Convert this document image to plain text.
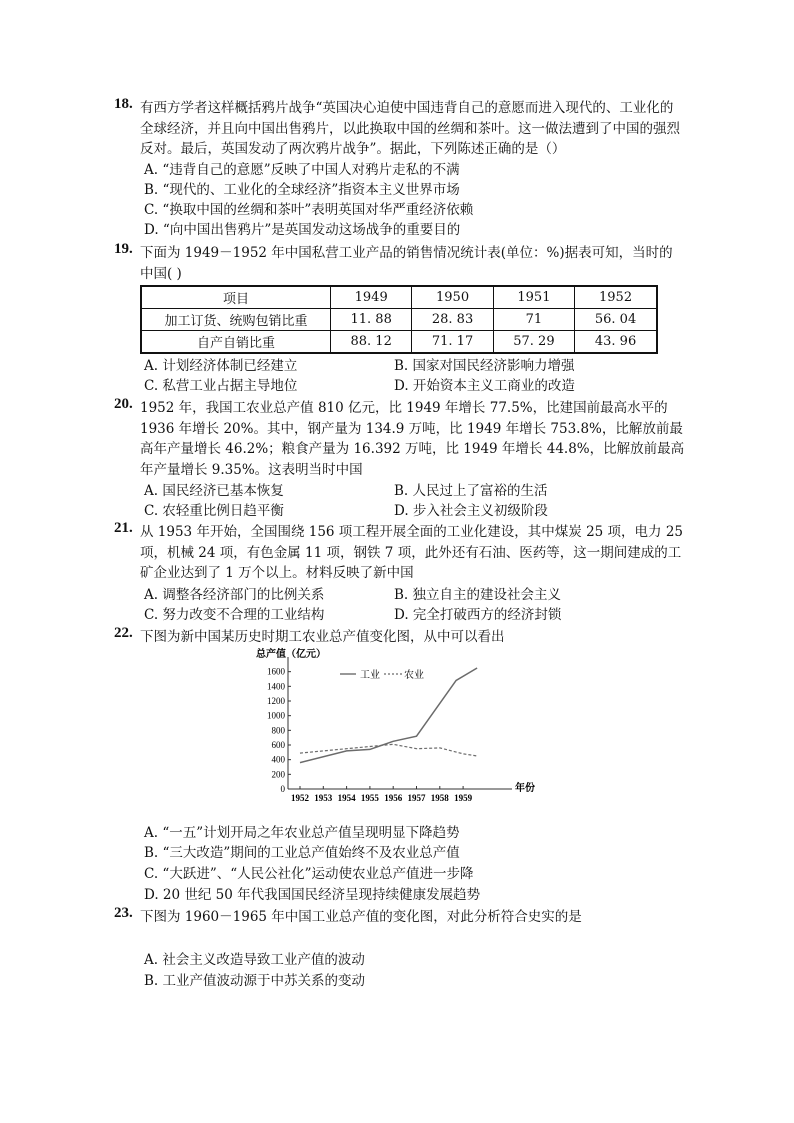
18. 有西方学者这样概括鸦片战争“英国决心迫使中国违背自己的意愿而进入现代的、工业化的全球经济，并且向中国出售鸦片，以此换取中国的丝绸和茶叶。这一做法遭到了中国的强烈反对。最后，英国发动了两次鸦片战争”。据此，下列陈述正确的是（）
A. “违背自己的意愿”反映了中国人对鸦片走私的不满
B. “现代的、工业化的全球经济”指资本主义世界市场
C. “换取中国的丝绸和茶叶”表明英国对华严重经济依赖
D. “向中国出售鸦片”是英国发动这场战争的重要目的
19. 下面为 1949－1952 年中国私营工业产品的销售情况统计表(单位：%)据表可知，当时的中国( )
项目	1949	1950	1951	1952
加工订货、统购包销比重	11. 88	28. 83	71	56. 04
自产自销比重	88. 12	71. 17	57. 29	43. 96
A. 计划经济体制已经建立	B. 国家对国民经济影响力增强
C. 私营工业占据主导地位	D. 开始资本主义工商业的改造
20. 1952 年，我国工农业总产值 810 亿元，比 1949 年增长 77.5%，比建国前最高水平的 1936 年增长 20%。其中，钢产量为 134.9 万吨，比 1949 年增长 753.8%，比解放前最高年产量增长 46.2%；粮食产量为 16.392 万吨，比 1949 年增长 44.8%，比解放前最高年产量增长 9.35%。这表明当时中国
A. 国民经济已基本恢复	B. 人民过上了富裕的生活
C. 农轻重比例日趋平衡	D. 步入社会主义初级阶段
21. 从 1953 年开始，全国围绕 156 项工程开展全面的工业化建设，其中煤炭 25 项，电力 25 项，机械 24 项，有色金属 11 项，钢铁 7 项，此外还有石油、医药等，这一期间建成的工矿企业达到了 1 万个以上。材料反映了新中国
A. 调整各经济部门的比例关系	B. 独立自主的建设社会主义
C. 努力改变不合理的工业结构	D. 完全打破西方的经济封锁
22. 下图为新中国某历史时期工农业总产值变化图，从中可以看出
总产值（亿元）
年份
工业 农业
0
200
400
600
800
1000
1200
1400
1600
1952 1953 1954 1955 1956 1957 1958 1959
A. “一五”计划开局之年农业总产值呈现明显下降趋势
B. “三大改造”期间的工业总产值始终不及农业总产值
C. “大跃进”、“人民公社化”运动使农业总产值进一步降
D. 20 世纪 50 年代我国国民经济呈现持续健康发展趋势
23. 下图为 1960－1965 年中国工业总产值的变化图，对此分析符合史实的是
A. 社会主义改造导致工业产值的波动
B. 工业产值波动源于中苏关系的变动
